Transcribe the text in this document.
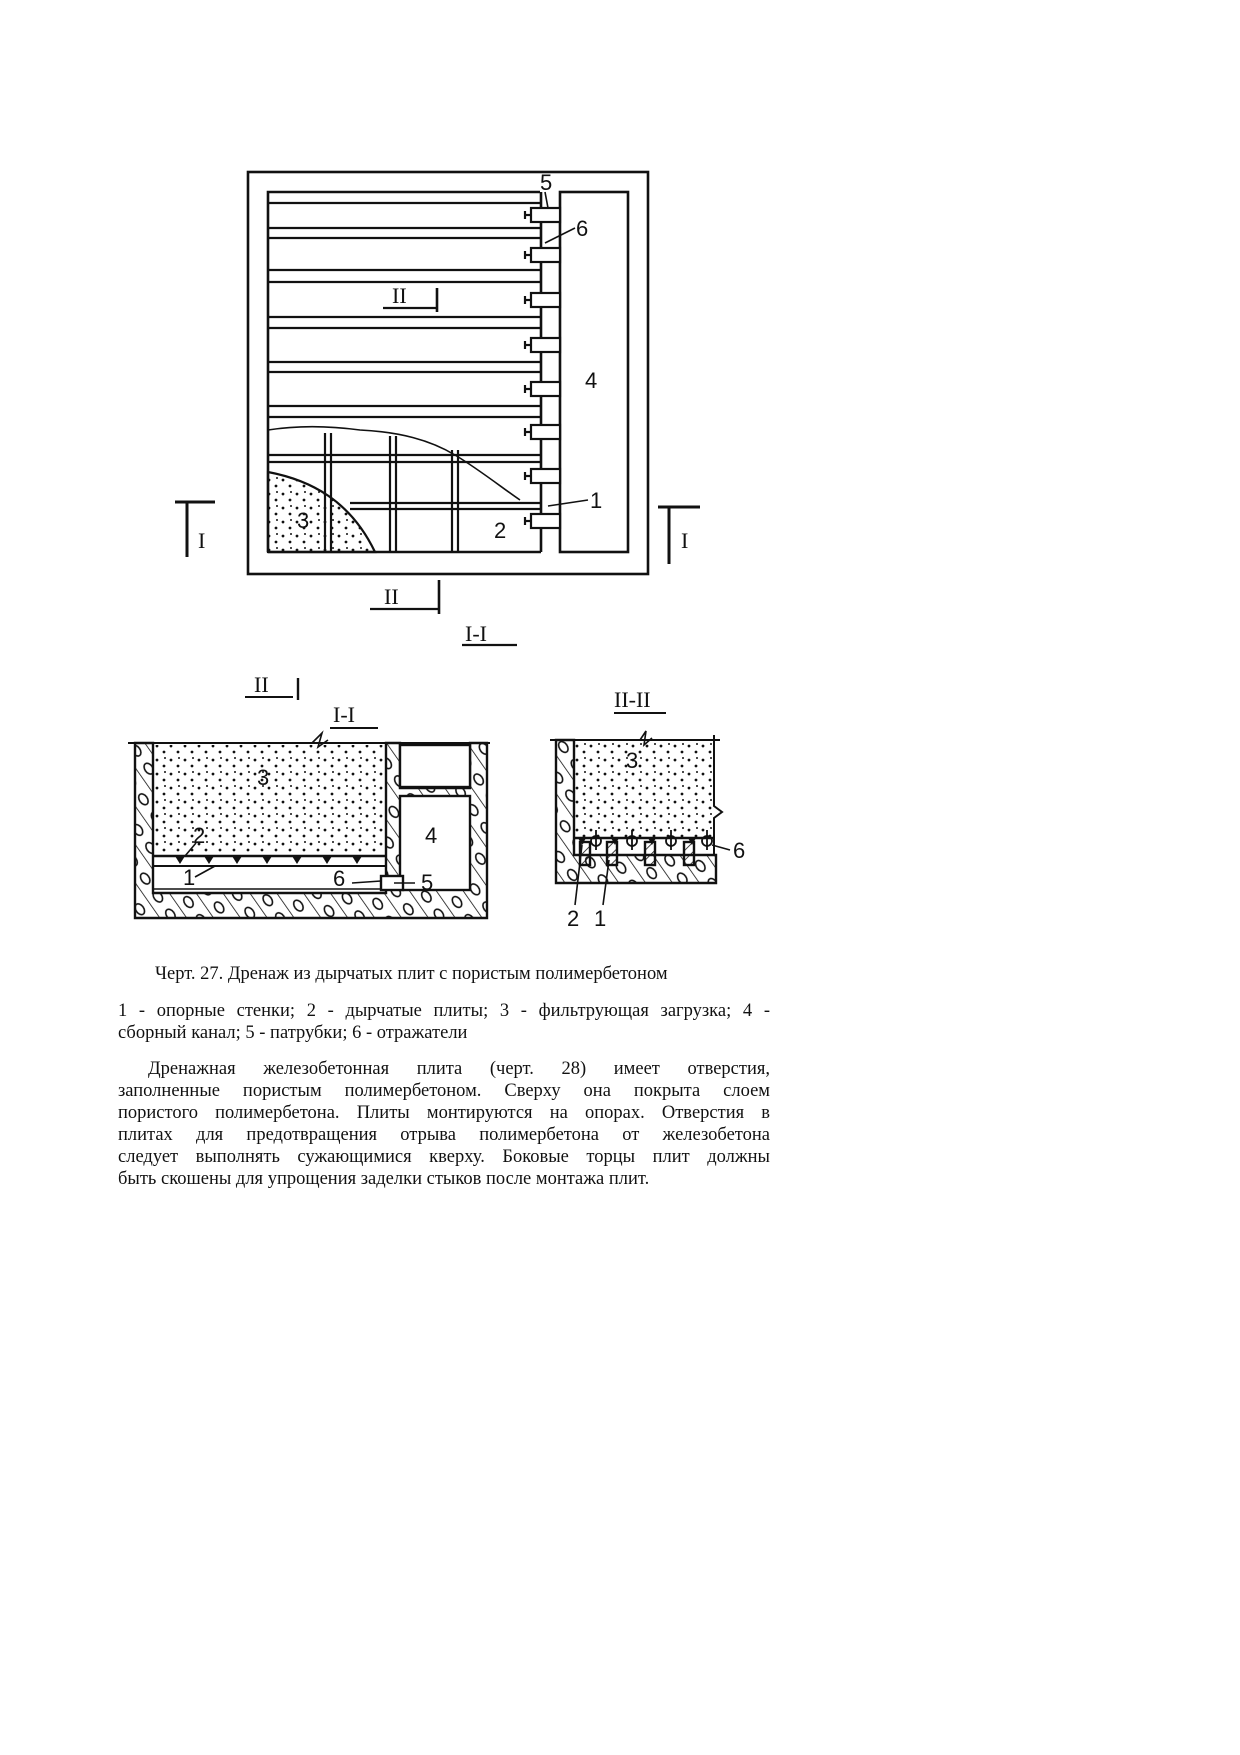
5
6
4
1
2
3
I	I
II
II
I-I
II
I-I
3
2
1
4
6	5
II-II
3
2 1
6
Черт. 27. Дренаж из дырчатых плит с пористым полимербетоном
1 - опорные стенки; 2 - дырчатые плиты; 3 - фильтрующая загрузка; 4 -
сборный канал; 5 - патрубки; 6 - отражатели
Дренажная железобетонная плита (черт. 28) имеет отверстия,
заполненные пористым полимербетоном. Сверху она покрыта слоем
пористого полимербетона. Плиты монтируются на опорах. Отверстия в
плитах для предотвращения отрыва полимербетона от железобетона
следует выполнять сужающимися кверху. Боковые торцы плит должны
быть скошены для упрощения заделки стыков после монтажа плит.
